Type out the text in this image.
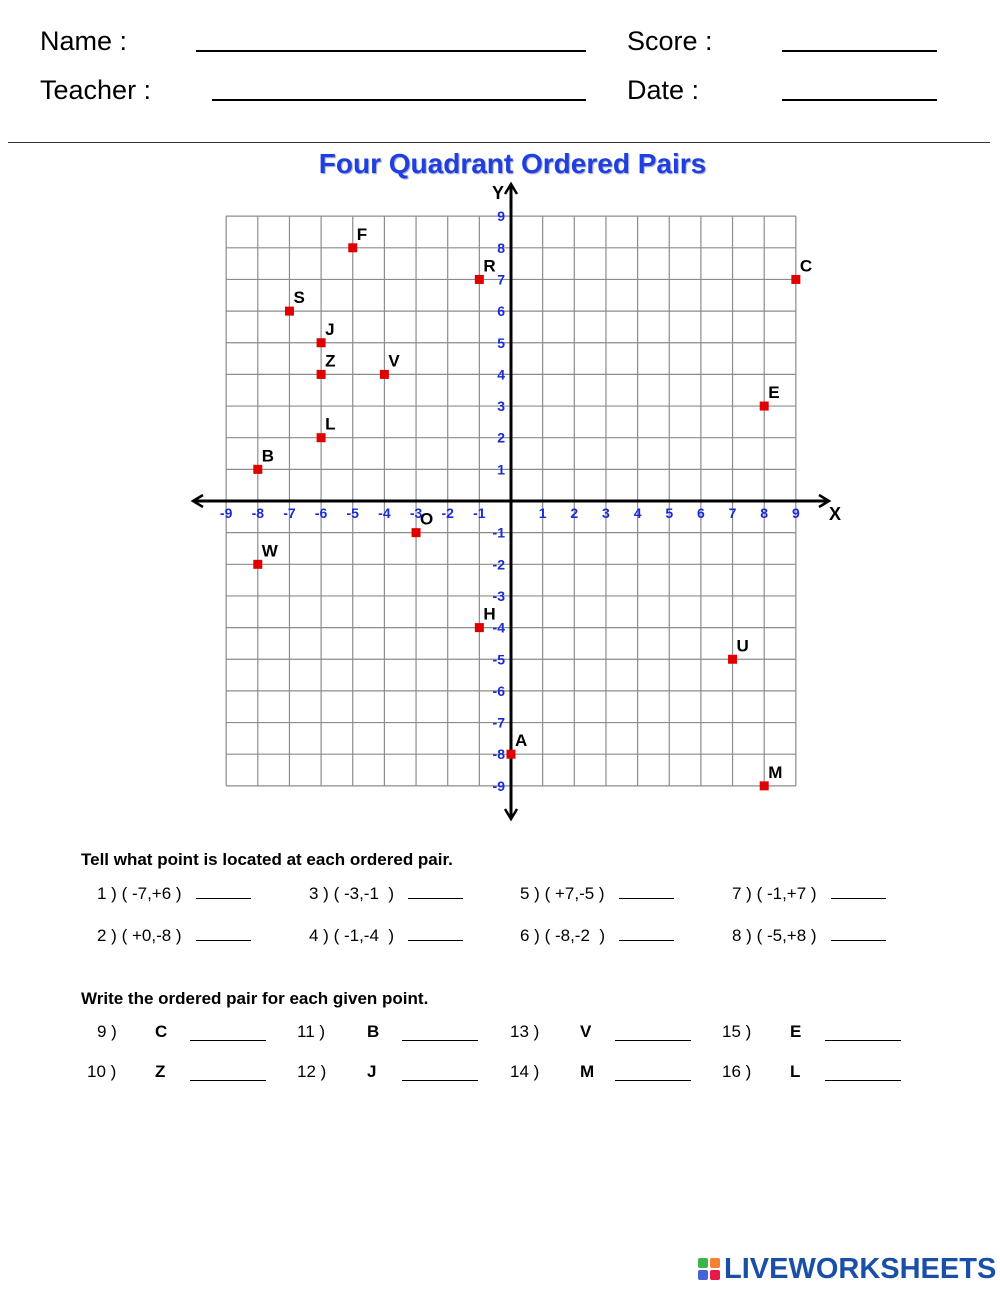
Name :	Score :
Teacher :	Date :
Four Quadrant Ordered Pairs
X
Y
-9 -8 -7 -6 -5 -4 -3 -2 -1	1 2 3 4 5 6 7 8 9
9
8
7
6
5
4
3
2
1
-1
-2
-3
-4
-5
-6
-7
-8
-9
F
R	C
S
J
Z	V
E
L
B
O
W
H
U
A
M
Tell what point is located at each ordered pair.
1 ) ( -7,+6 )
2 ) ( +0,-8 )
3 ) ( -3,-1  )
4 ) ( -1,-4  )
5 ) ( +7,-5 )
6 ) ( -8,-2  )
7 ) ( -1,+7 )
8 ) ( -5,+8 )
Write the ordered pair for each given point.
9 ) C
10 ) Z
11 ) B
12 ) J
13 ) V
14 ) M
15 ) E
16 ) L
LIVEWORKSHEETS
